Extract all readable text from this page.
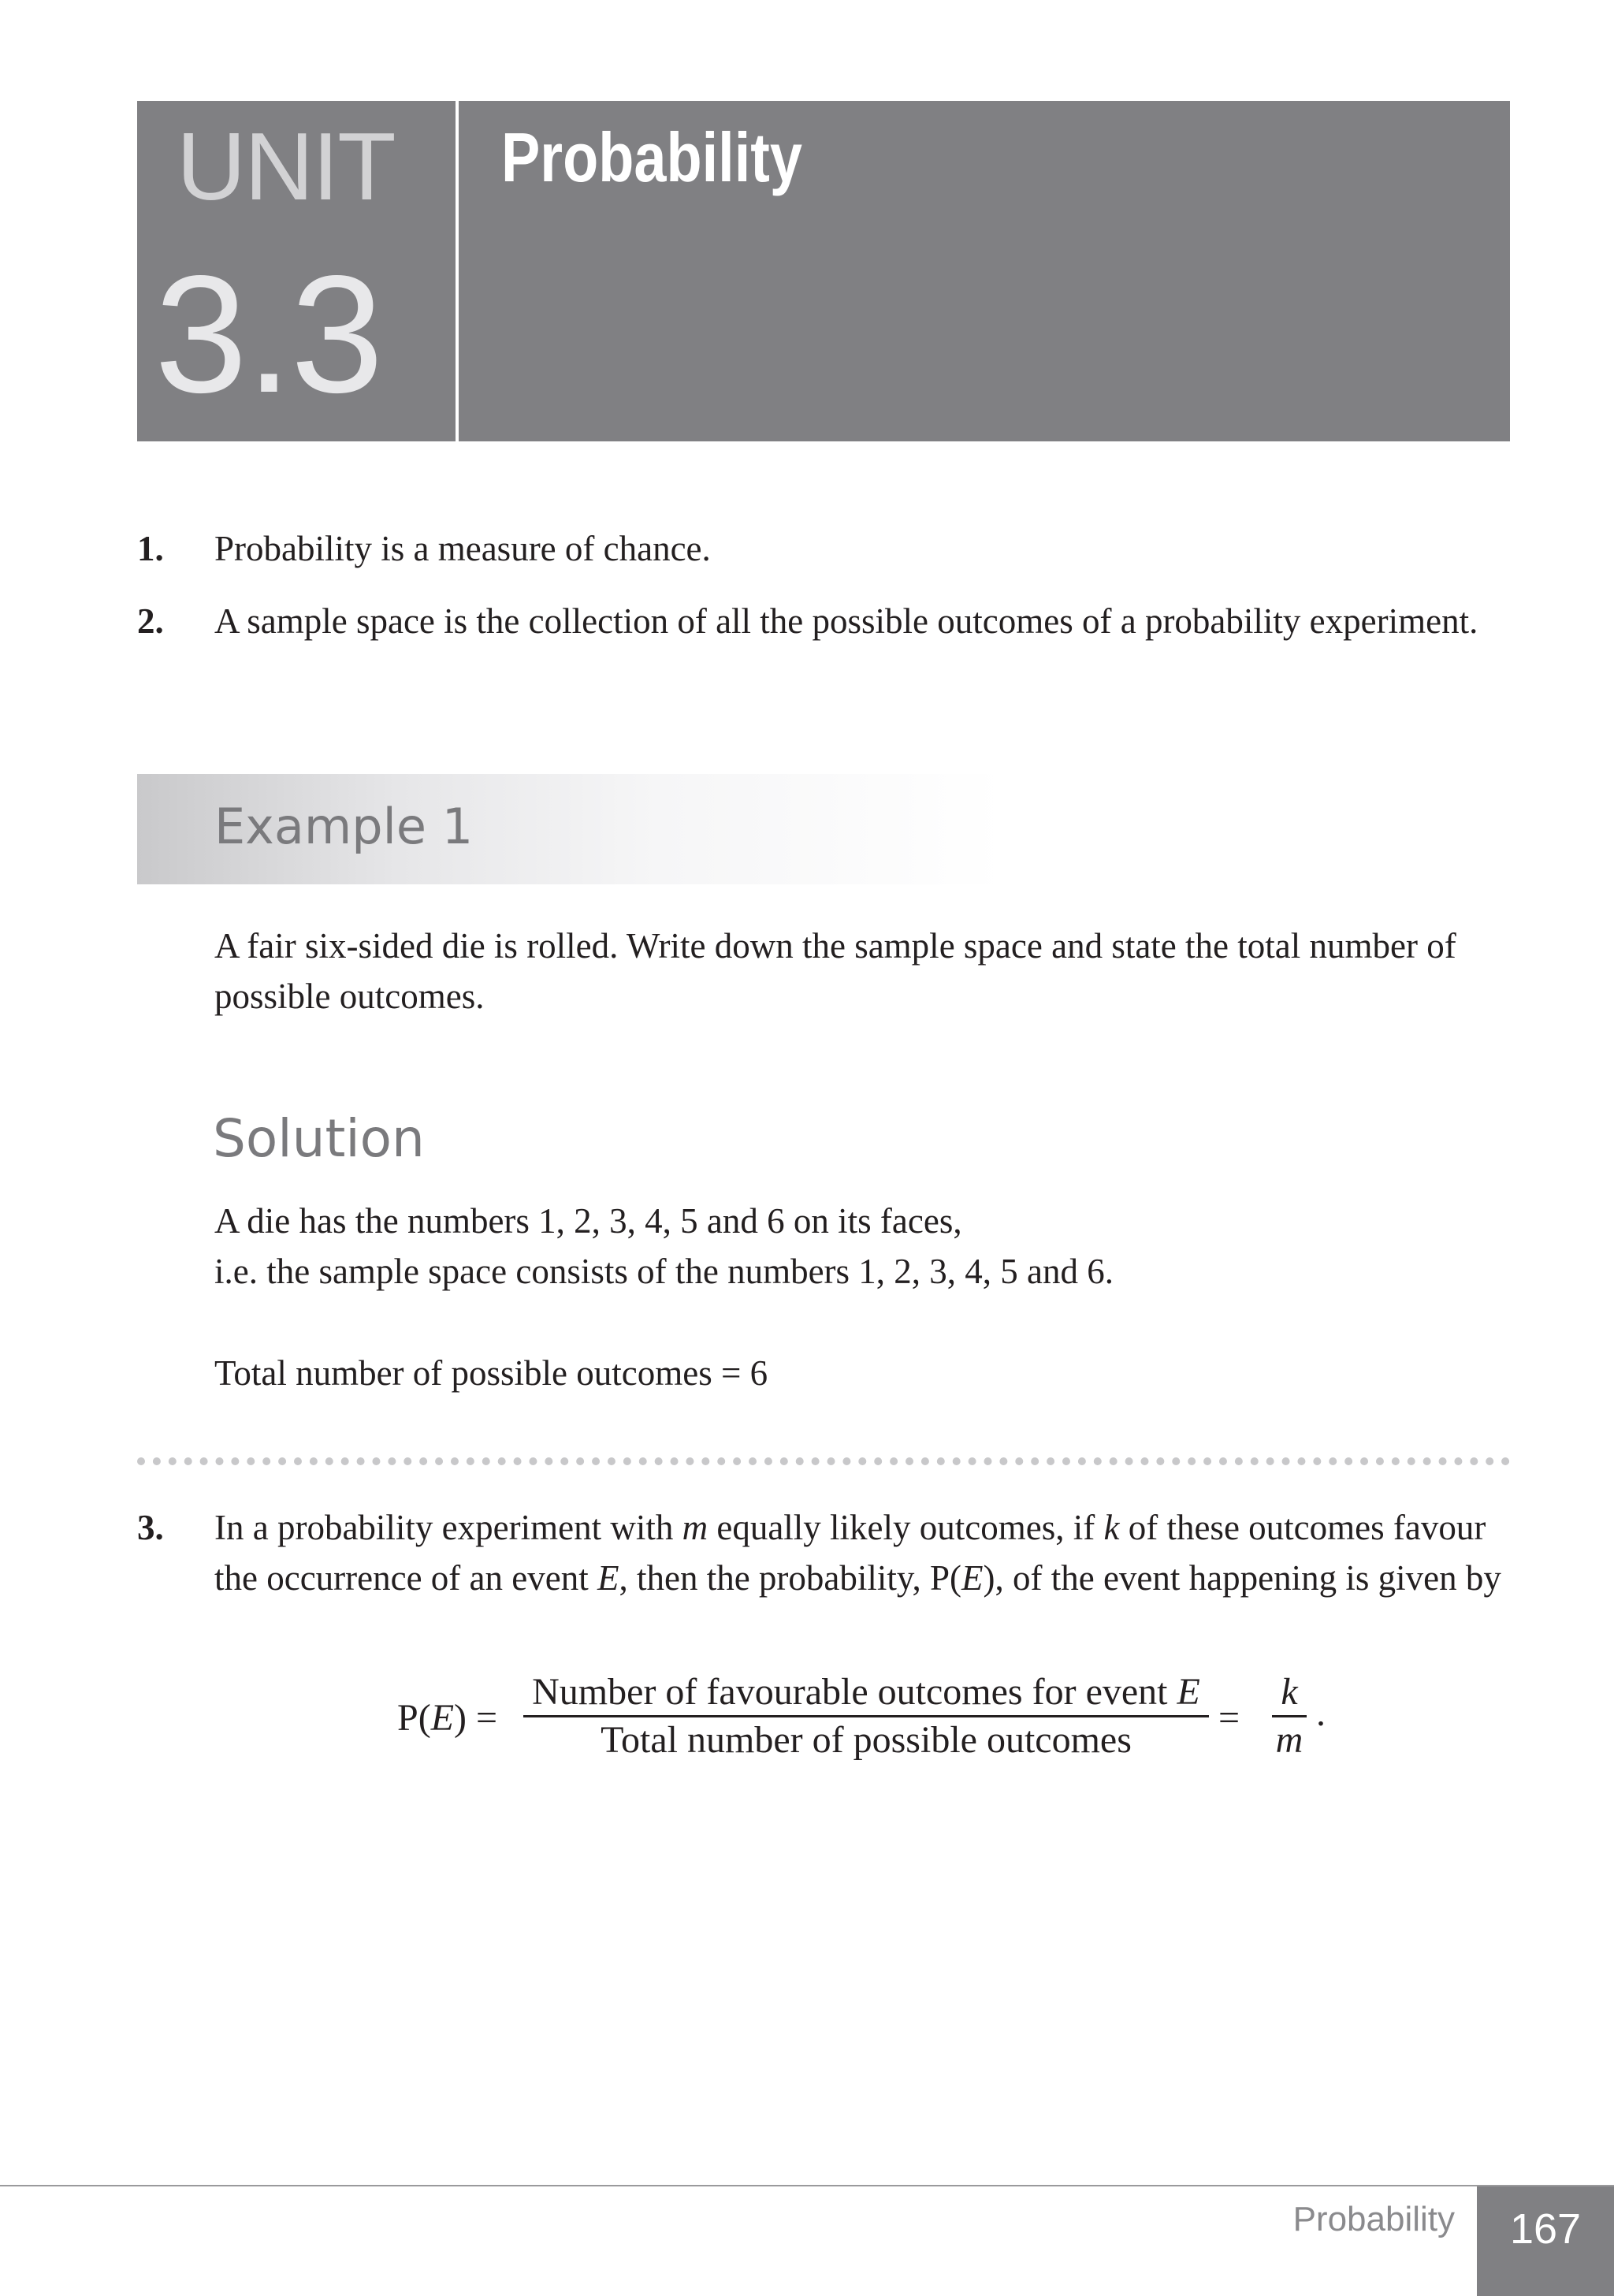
UNIT

3.3

Probability
1. Probability is a measure of chance.
2. A sample space is the collection of all the possible outcomes of a probability experiment.
Example 1
A fair six-sided die is rolled. Write down the sample space and state the total number of possible outcomes.
Solution
A die has the numbers 1, 2, 3, 4, 5 and 6 on its faces,
i.e. the sample space consists of the numbers 1, 2, 3, 4, 5 and 6.
Total number of possible outcomes = 6
3. In a probability experiment with m equally likely outcomes, if k of these outcomes favour the occurrence of an event E, then the probability, P(E), of the event happening is given by
P(E) =
Number of favourable outcomes for event E
Total number of possible outcomes
= $\frac{k}{m}$ .

Probability	167
